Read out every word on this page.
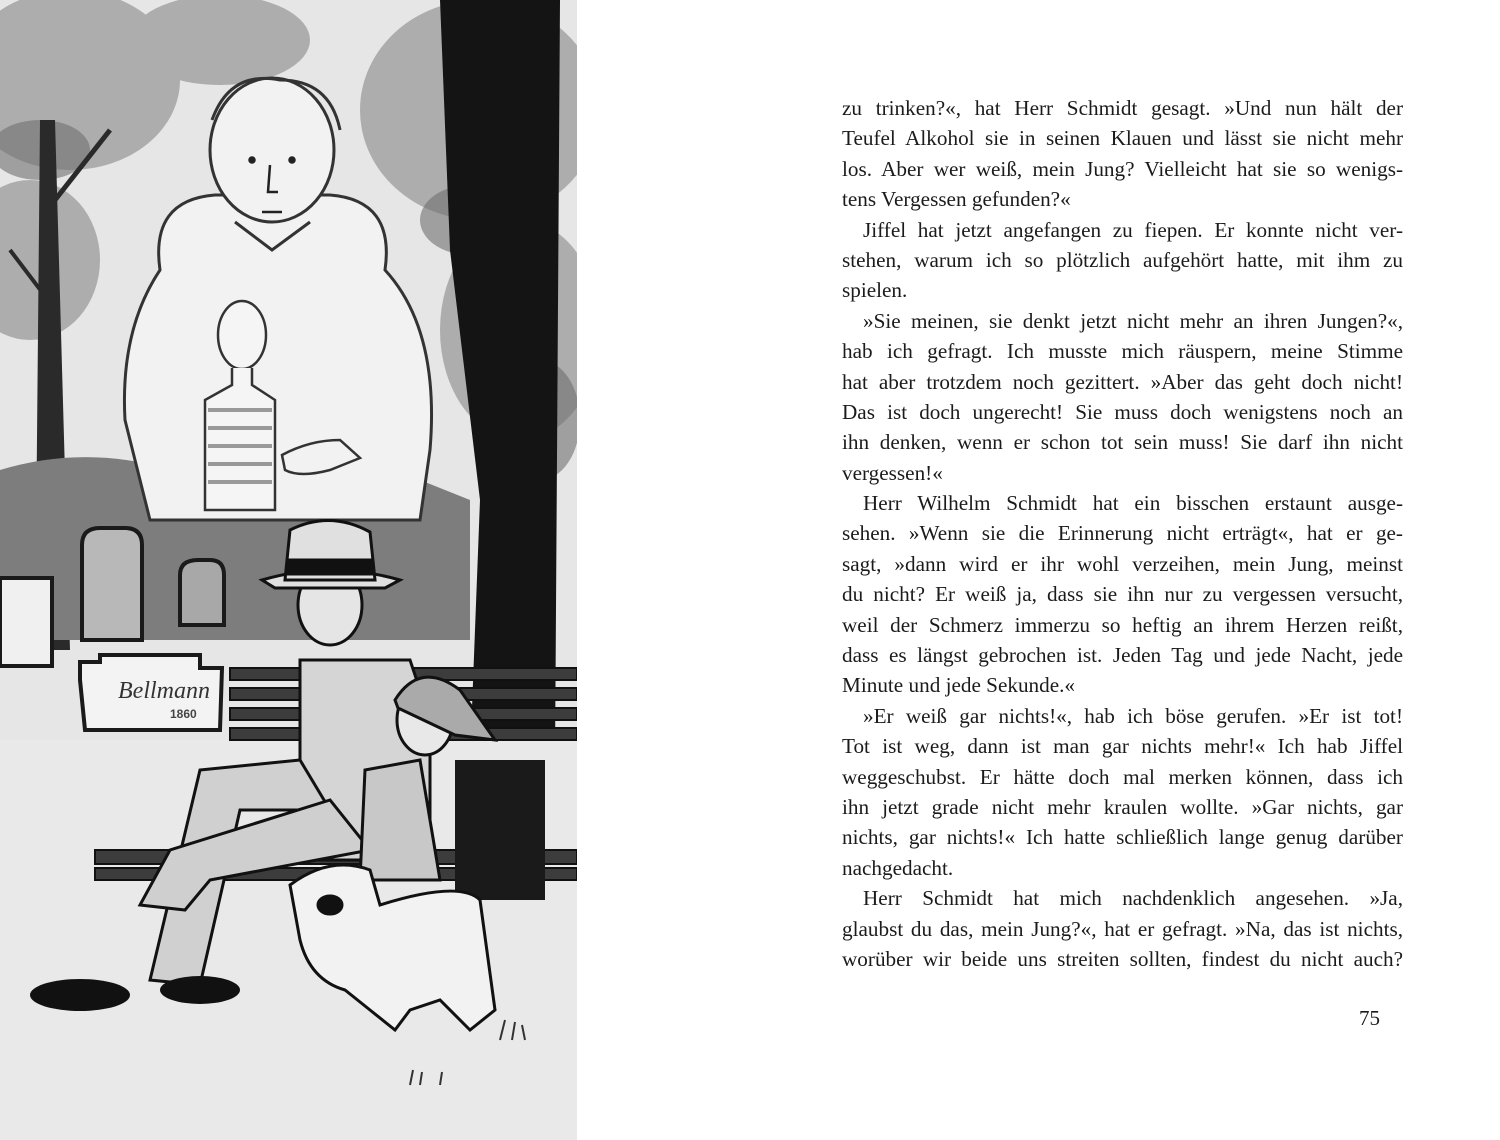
Bellmann
1860
zu trinken?«, hat Herr Schmidt gesagt. »Und nun hält der
Teufel Alkohol sie in seinen Klauen und lässt sie nicht mehr
los. Aber wer weiß, mein Jung? Vielleicht hat sie so wenigs-
tens Vergessen gefunden?«
Jiffel hat jetzt angefangen zu fiepen. Er konnte nicht ver-
stehen, warum ich so plötzlich aufgehört hatte, mit ihm zu
spielen.
»Sie meinen, sie denkt jetzt nicht mehr an ihren Jungen?«,
hab ich gefragt. Ich musste mich räuspern, meine Stimme
hat aber trotzdem noch gezittert. »Aber das geht doch nicht!
Das ist doch ungerecht! Sie muss doch wenigstens noch an
ihn denken, wenn er schon tot sein muss! Sie darf ihn nicht
vergessen!«
Herr Wilhelm Schmidt hat ein bisschen erstaunt ausge-
sehen. »Wenn sie die Erinnerung nicht erträgt«, hat er ge-
sagt, »dann wird er ihr wohl verzeihen, mein Jung, meinst
du nicht? Er weiß ja, dass sie ihn nur zu vergessen versucht,
weil der Schmerz immerzu so heftig an ihrem Herzen reißt,
dass es längst gebrochen ist. Jeden Tag und jede Nacht, jede
Minute und jede Sekunde.«
»Er weiß gar nichts!«, hab ich böse gerufen. »Er ist tot!
Tot ist weg, dann ist man gar nichts mehr!« Ich hab Jiffel
weggeschubst. Er hätte doch mal merken können, dass ich
ihn jetzt grade nicht mehr kraulen wollte. »Gar nichts, gar
nichts, gar nichts!« Ich hatte schließlich lange genug darüber
nachgedacht.
Herr Schmidt hat mich nachdenklich angesehen. »Ja,
glaubst du das, mein Jung?«, hat er gefragt. »Na, das ist nichts,
worüber wir beide uns streiten sollten, findest du nicht auch?
75
